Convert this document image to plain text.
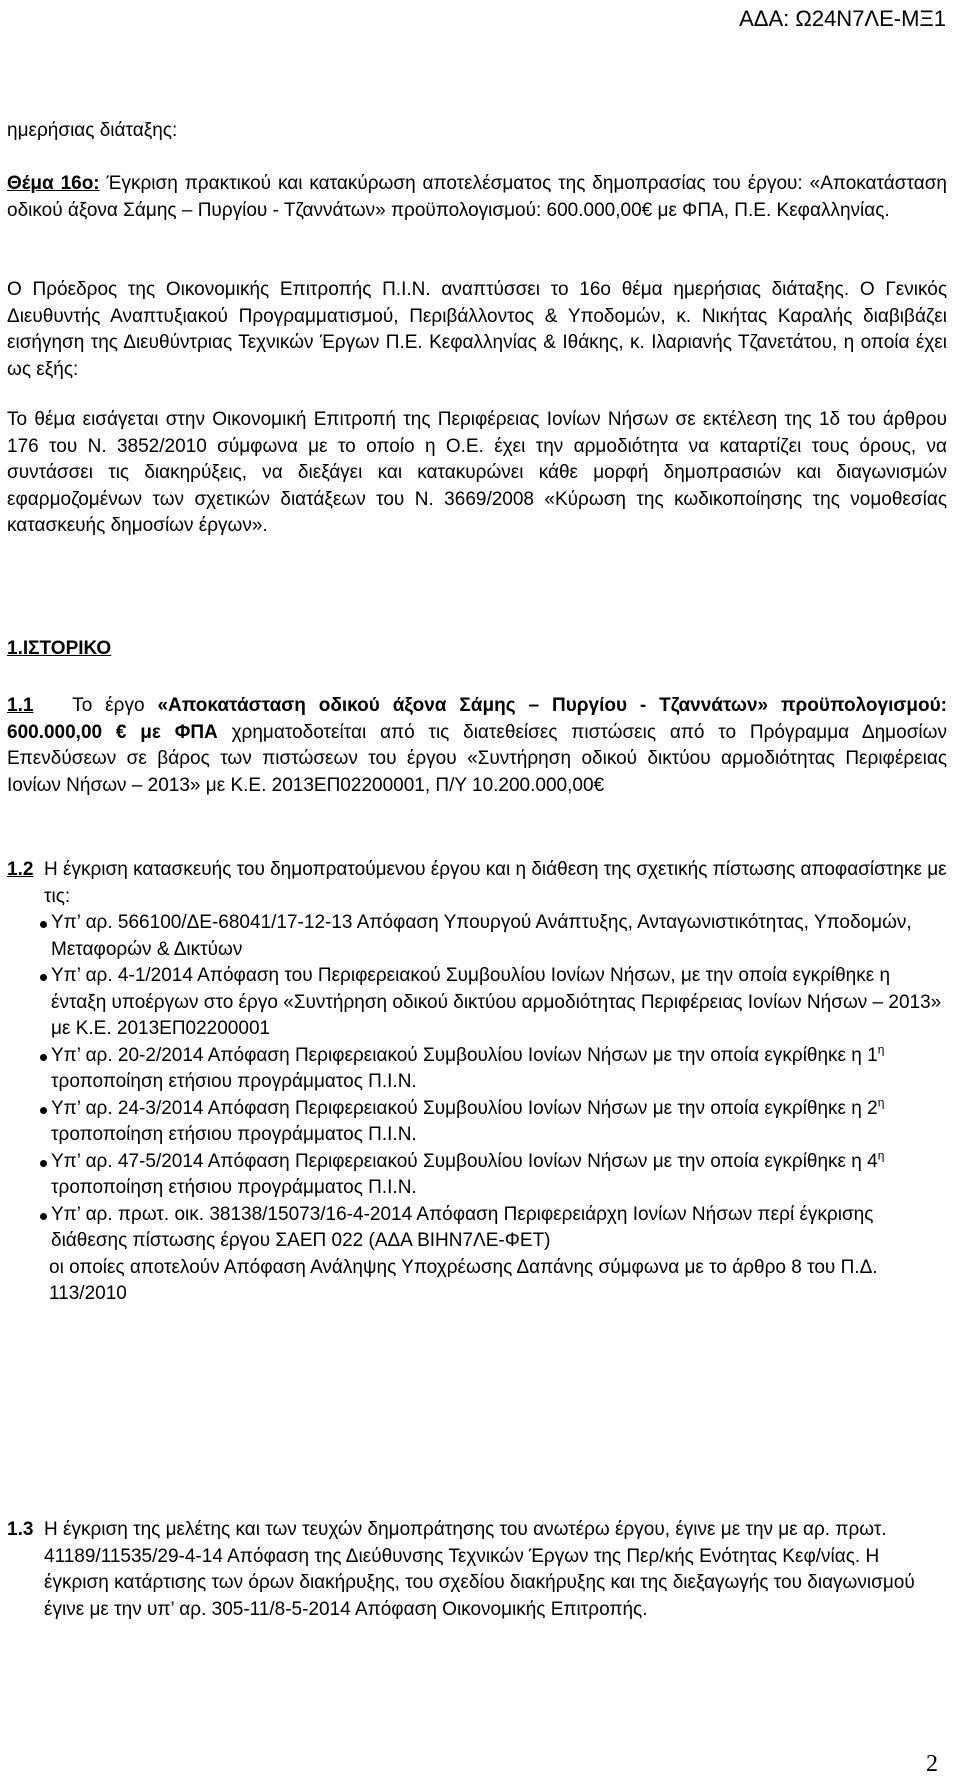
ΑΔΑ: Ω24Ν7ΛΕ-ΜΞ1
ημερήσιας διάταξης:
Θέμα 16ο: Έγκριση πρακτικού και κατακύρωση αποτελέσματος της δημοπρασίας του έργου: «Αποκατάσταση οδικού άξονα Σάμης – Πυργίου - Τζαννάτων» προϋπολογισμού: 600.000,00€ με ΦΠΑ, Π.Ε. Κεφαλληνίας.
Ο Πρόεδρος της Οικονομικής Επιτροπής Π.Ι.Ν. αναπτύσσει το 16ο θέμα ημερήσιας διάταξης. Ο Γενικός Διευθυντής Αναπτυξιακού Προγραμματισμού, Περιβάλλοντος & Υποδομών, κ. Νικήτας Καραλής διαβιβάζει εισήγηση της Διευθύντριας Τεχνικών Έργων Π.Ε. Κεφαλληνίας & Ιθάκης, κ. Ιλαριανής Τζανετάτου, η οποία έχει ως εξής:
Το θέμα εισάγεται στην Οικονομική Επιτροπή της Περιφέρειας Ιονίων Νήσων σε εκτέλεση της 1δ του άρθρου 176 του Ν. 3852/2010 σύμφωνα με το οποίο η Ο.Ε. έχει την αρμοδιότητα να καταρτίζει τους όρους, να συντάσσει τις διακηρύξεις, να διεξάγει και κατακυρώνει κάθε μορφή δημοπρασιών και διαγωνισμών εφαρμοζομένων των σχετικών διατάξεων του Ν. 3669/2008 «Κύρωση της κωδικοποίησης της νομοθεσίας κατασκευής δημοσίων έργων».
1.ΙΣΤΟΡΙΚΟ
1.1 Το έργο «Αποκατάσταση οδικού άξονα Σάμης – Πυργίου - Τζαννάτων» προϋπολογισμού: 600.000,00 € με ΦΠΑ χρηματοδοτείται από τις διατεθείσες πιστώσεις από το Πρόγραμμα Δημοσίων Επενδύσεων σε βάρος των πιστώσεων του έργου «Συντήρηση οδικού δικτύου αρμοδιότητας Περιφέρειας Ιονίων Νήσων – 2013» με Κ.Ε. 2013ΕΠ02200001, Π/Υ 10.200.000,00€
1.2 Η έγκριση κατασκευής του δημοπρατούμενου έργου και η διάθεση της σχετικής πίστωσης αποφασίστηκε με τις:
Υπ’ αρ. 566100/ΔΕ-68041/17-12-13 Απόφαση Υπουργού Ανάπτυξης, Ανταγωνιστικότητας, Υποδομών, Μεταφορών & Δικτύων
Υπ’ αρ. 4-1/2014 Απόφαση του Περιφερειακού Συμβουλίου Ιονίων Νήσων, με την οποία εγκρίθηκε η ένταξη υποέργων στο έργο «Συντήρηση οδικού δικτύου αρμοδιότητας Περιφέρειας Ιονίων Νήσων – 2013» με Κ.Ε. 2013ΕΠ02200001
Υπ’ αρ. 20-2/2014 Απόφαση Περιφερειακού Συμβουλίου Ιονίων Νήσων με την οποία εγκρίθηκε η $1^\eta$ τροποποίηση ετήσιου προγράμματος Π.Ι.Ν.
Υπ’ αρ. 24-3/2014 Απόφαση Περιφερειακού Συμβουλίου Ιονίων Νήσων με την οποία εγκρίθηκε η $2^\eta$ τροποποίηση ετήσιου προγράμματος Π.Ι.Ν.
Υπ’ αρ. 47-5/2014 Απόφαση Περιφερειακού Συμβουλίου Ιονίων Νήσων με την οποία εγκρίθηκε η $4^\eta$ τροποποίηση ετήσιου προγράμματος Π.Ι.Ν.
Υπ’ αρ. πρωτ. οικ. 38138/15073/16-4-2014 Απόφαση Περιφερειάρχη Ιονίων Νήσων περί έγκρισης διάθεσης πίστωσης έργου ΣΑΕΠ 022 (ΑΔΑ ΒΙΗΝ7ΛΕ-ΦΕΤ)
οι οποίες αποτελούν Απόφαση Ανάληψης Υποχρέωσης Δαπάνης σύμφωνα με το άρθρο 8 του Π.Δ. 113/2010
1.3 Η έγκριση της μελέτης και των τευχών δημοπράτησης του ανωτέρω έργου, έγινε με την με αρ. πρωτ. 41189/11535/29-4-14 Απόφαση της Διεύθυνσης Τεχνικών Έργων της Περ/κής Ενότητας Κεφ/νίας. Η έγκριση κατάρτισης των όρων διακήρυξης, του σχεδίου διακήρυξης και της διεξαγωγής του διαγωνισμού έγινε με την υπ’ αρ. 305-11/8-5-2014 Απόφαση Οικονομικής Επιτροπής.
2
